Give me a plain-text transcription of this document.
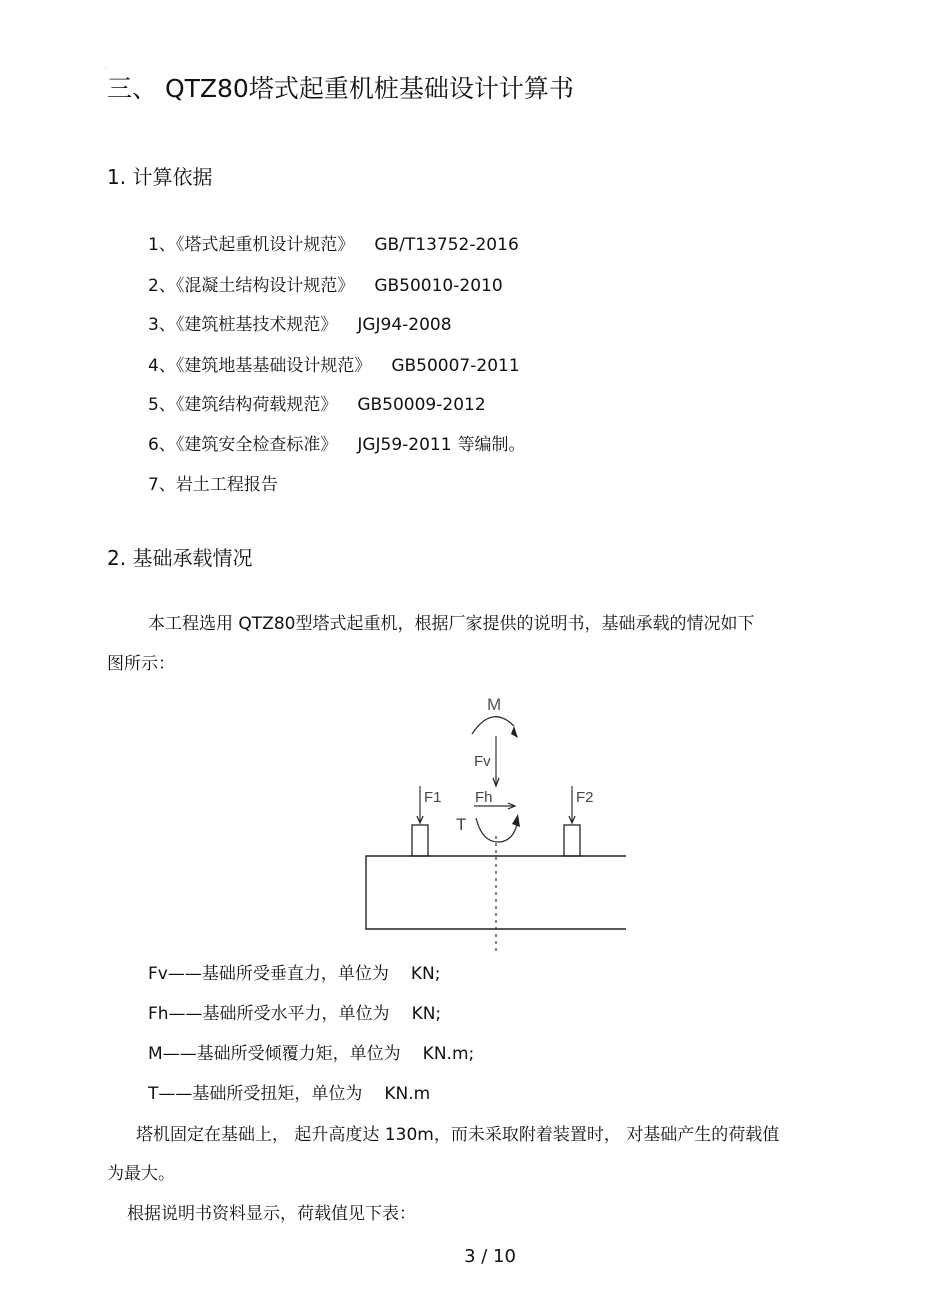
·
三、 QTZ80塔式起重机桩基础设计计算书
1. 计算依据
1、《塔式起重机设计规范》 GB/T13752-2016
2、《混凝土结构设计规范》 GB50010-2010
3、《建筑桩基技术规范》 JGJ94-2008
4、《建筑地基基础设计规范》 GB50007-2011
5、《建筑结构荷载规范》 GB50009-2012
6、《建筑安全检查标准》 JGJ59-2011 等编制。
7、岩土工程报告
2. 基础承载情况
本工程选用 QTZ80型塔式起重机，根据厂家提供的说明书，基础承载的情况如下
图所示：
M
Fv
F1	F2
Fh
T
Fv——基础所受垂直力，单位为 KN;
Fh——基础所受水平力，单位为 KN;
M——基础所受倾覆力矩，单位为 KN.m;
T——基础所受扭矩，单位为 KN.m
塔机固定在基础上， 起升高度达 130m，而未采取附着装置时， 对基础产生的荷载值
为最大。
根据说明书资料显示，荷载值见下表：
3 / 10
